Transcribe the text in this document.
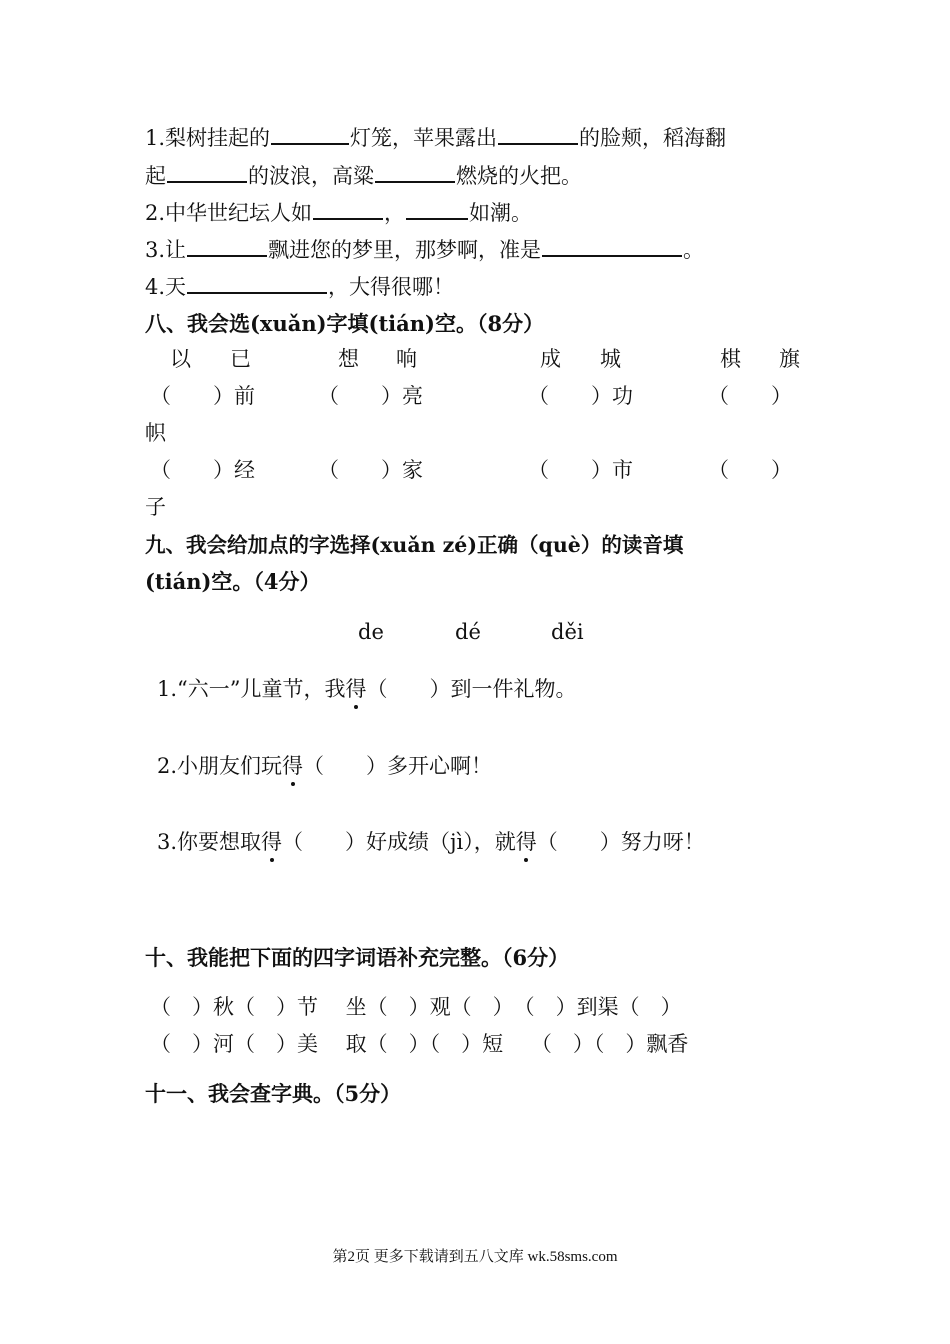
1.梨树挂起的	灯笼，苹果露出	的脸颊，稻海翻
起	的波浪，高粱	燃烧的火把。
2.中华世纪坛人如	，	如潮。
3.让	飘进您的梦里，那梦啊，准是	。
4.天	，大得很哪！
八、我会选(xuǎn)字填(tián)空。（8分）
以 已	想 响	成 城	棋 旗
（　　）前	（　　）亮	（　　）功	（　　）
帜
（　　）经	（　　）家	（　　）市	（　　）
子
九、我会给加点的字选择(xuǎn zé)正确（què）的读音填
(tián)空。（4分）
de	dé	děi
1.“六一”儿童节，我得（　　）到一件礼物。
2.小朋友们玩得（　　）多开心啊！
3.你要想取得（　　）好成绩（jì），就得（　　）努力呀！
十、我能把下面的四字词语补充完整。（6分）
（　）秋（　）节　 坐（　）观（　）　（　）到渠（　）
（　）河（　）美　 取（　）（　）短　 （　）（　）飘香
十一、我会查字典。（5分）
第2页 更多下载请到五八文库 wk.58sms.com
